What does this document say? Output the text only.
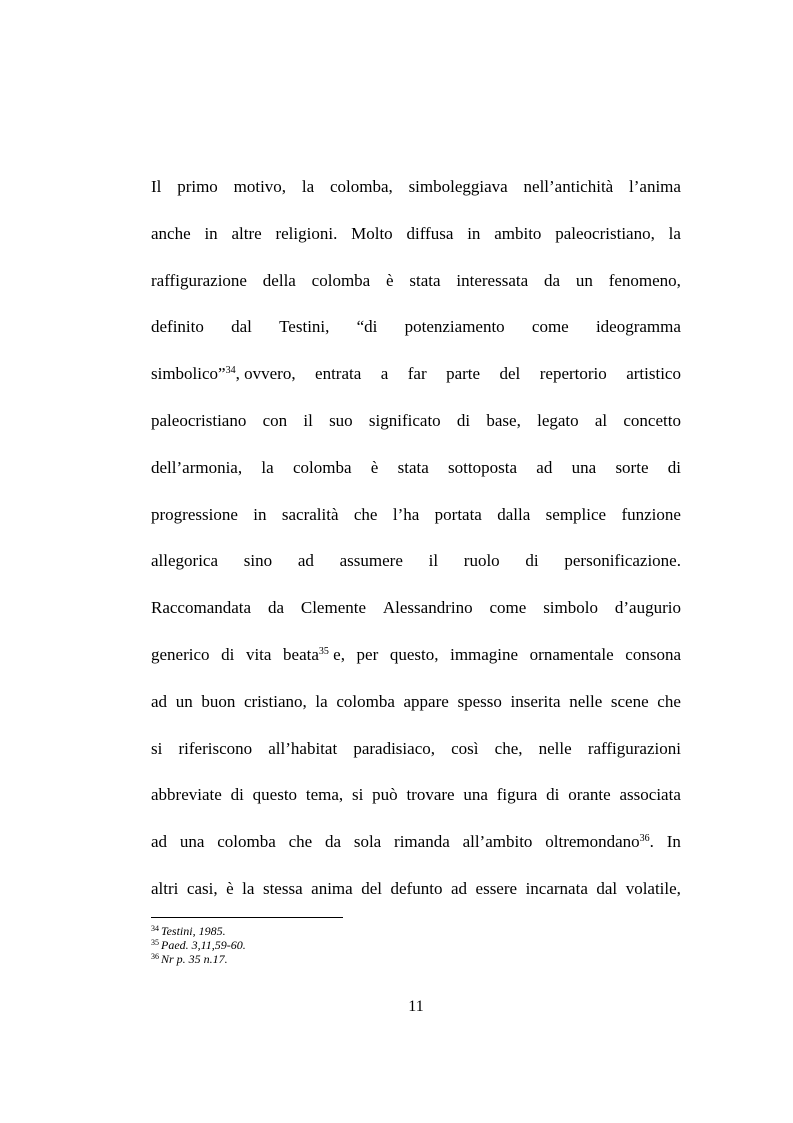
Il primo motivo, la colomba, simboleggiava nell’antichità l’anima
anche in altre religioni. Molto diffusa in ambito paleocristiano, la
raffigurazione della colomba è stata interessata da un fenomeno,
definito dal Testini, “di potenziamento come ideogramma
simbolico”$^{34}$, ovvero, entrata a far parte del repertorio artistico
paleocristiano con il suo significato di base, legato al concetto
dell’armonia, la colomba è stata sottoposta ad una sorte di
progressione in sacralità che l’ha portata dalla semplice funzione
allegorica sino ad assumere il ruolo di personificazione.
Raccomandata da Clemente Alessandrino come simbolo d’augurio
generico di vita beata$^{35}$ e, per questo, immagine ornamentale consona
ad un buon cristiano, la colomba appare spesso inserita nelle scene che
si riferiscono all’habitat paradisiaco, così che, nelle raffigurazioni
abbreviate di questo tema, si può trovare una figura di orante associata
ad una colomba che da sola rimanda all’ambito oltremondano$^{36}$. In
altri casi, è la stessa anima del defunto ad essere incarnata dal volatile,
$^{34}$ Testini, 1985.
$^{35}$ Paed. 3,11,59-60.
$^{36}$ Nr p. 35 n.17.
11
